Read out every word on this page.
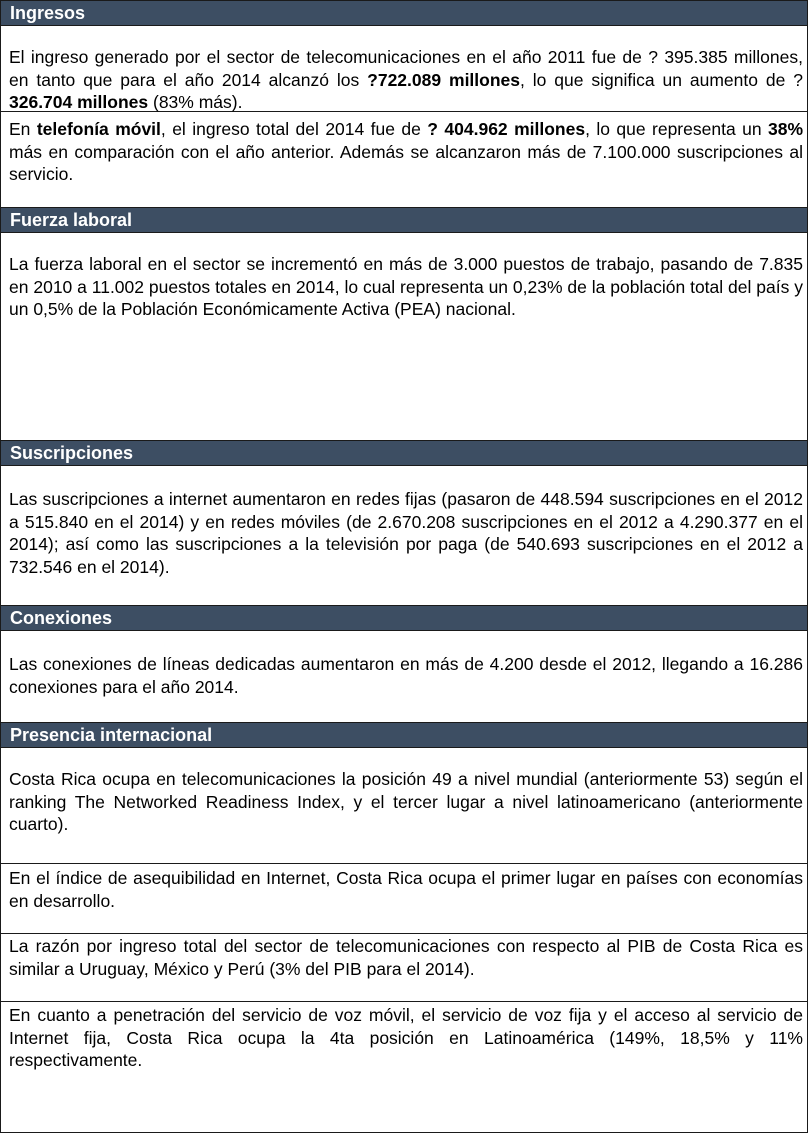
Ingresos
El ingreso generado por el sector de telecomunicaciones en el año 2011 fue de ? 395.385 millones, en tanto que para el año 2014 alcanzó los ?722.089 millones, lo que significa un aumento de ? 326.704 millones (83% más).
En telefonía móvil, el ingreso total del 2014 fue de ? 404.962 millones, lo que representa un 38% más en comparación con el año anterior. Además se alcanzaron más de 7.100.000 suscripciones al servicio.
Fuerza laboral
La fuerza laboral en el sector se incrementó en más de 3.000 puestos de trabajo, pasando de 7.835 en 2010 a 11.002 puestos totales en 2014, lo cual representa un 0,23% de la población total del país y un 0,5% de la Población Económicamente Activa (PEA) nacional.
Suscripciones
Las suscripciones a internet aumentaron en redes fijas (pasaron de 448.594 suscripciones en el 2012 a 515.840 en el 2014) y en redes móviles (de 2.670.208 suscripciones en el 2012 a 4.290.377 en el 2014); así como las suscripciones a la televisión por paga (de 540.693 suscripciones en el 2012 a 732.546 en el 2014).
Conexiones
Las conexiones de líneas dedicadas aumentaron en más de 4.200 desde el 2012, llegando a 16.286 conexiones para el año 2014.
Presencia internacional
Costa Rica ocupa en telecomunicaciones la posición 49 a nivel mundial (anteriormente 53) según el ranking The Networked Readiness Index, y el tercer lugar a nivel latinoamericano (anteriormente cuarto).
En el índice de asequibilidad en Internet, Costa Rica ocupa el primer lugar en países con economías en desarrollo.
La razón por ingreso total del sector de telecomunicaciones con respecto al PIB de Costa Rica es similar a Uruguay, México y Perú (3% del PIB para el 2014).
En cuanto a penetración del servicio de voz móvil, el servicio de voz fija y el acceso al servicio de Internet fija, Costa Rica ocupa la 4ta posición en Latinoamérica (149%, 18,5% y 11% respectivamente.
